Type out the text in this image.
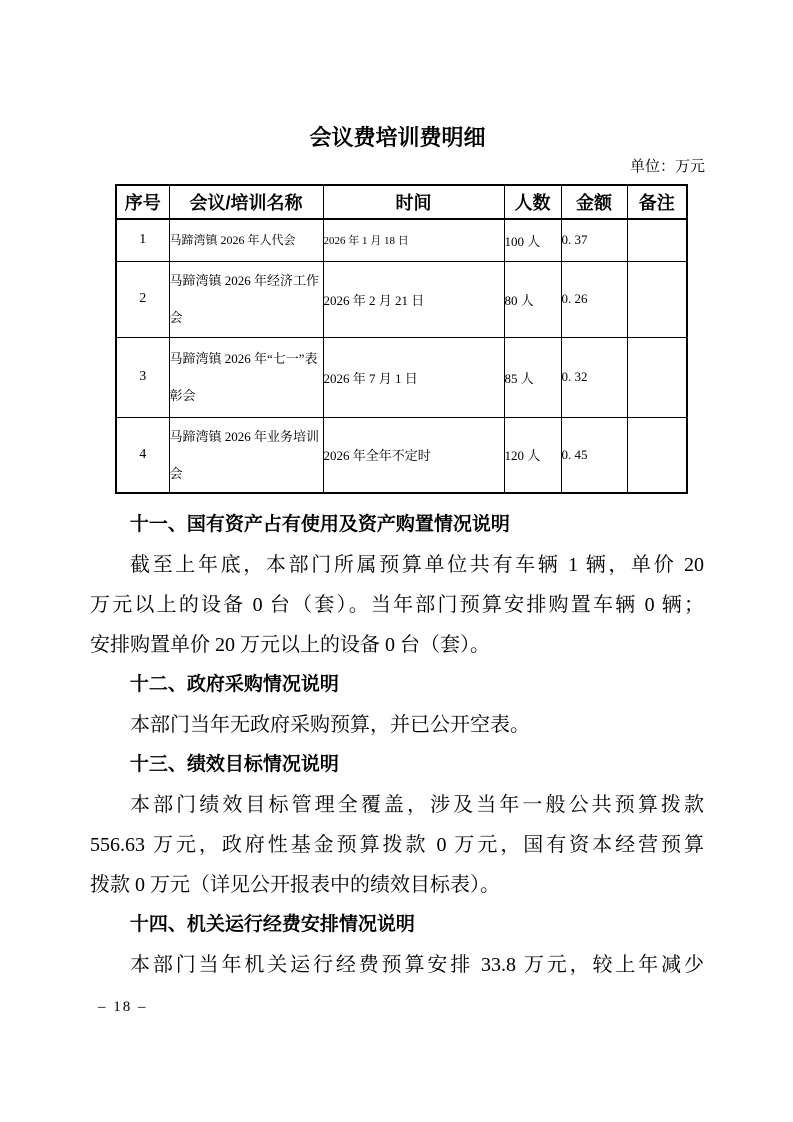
会议费培训费明细
单位：万元
序号	会议/培训名称	时间	人数	金额	备注
1	马蹄湾镇 2026 年人代会	2026 年 1 月 18 日	100 人	0. 37	
2	马蹄湾镇 2026 年经济工作会	2026 年 2 月 21 日	80 人	0. 26	
3	马蹄湾镇 2026 年“七一”表彰会	2026 年 7 月 1 日	85 人	0. 32	
4	马蹄湾镇 2026 年业务培训会	2026 年全年不定时	120 人	0. 45	
十一、国有资产占有使用及资产购置情况说明
截至上年底，本部门所属预算单位共有车辆 1 辆，单价 20
万元以上的设备 0 台（套）。当年部门预算安排购置车辆 0 辆；
安排购置单价 20 万元以上的设备 0 台（套）。
十二、政府采购情况说明
本部门当年无政府采购预算，并已公开空表。
十三、绩效目标情况说明
本部门绩效目标管理全覆盖，涉及当年一般公共预算拨款
556.63 万元，政府性基金预算拨款 0 万元，国有资本经营预算
拨款 0 万元（详见公开报表中的绩效目标表）。
十四、机关运行经费安排情况说明
本部门当年机关运行经费预算安排 33.8 万元，较上年减少
– 18 –
